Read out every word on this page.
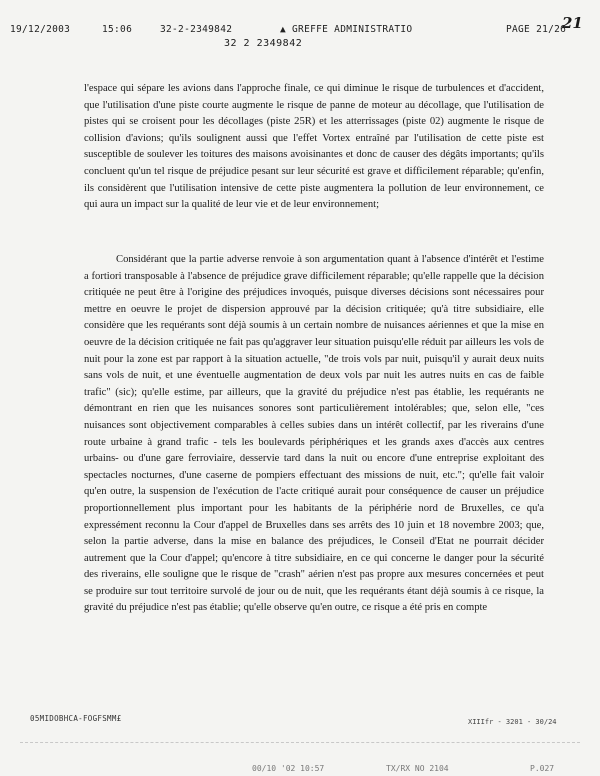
19/12/2003	15:06	32-2-2349842	▲ GREFFE ADMINISTRATIO	PAGE 21/26
21
32 2 2349842

l'espace qui sépare les avions dans l'approche finale, ce qui diminue le risque de turbulences et d'accident, que l'utilisation d'une piste courte augmente le risque de panne de moteur au décollage, que l'utilisation de pistes qui se croisent pour les décollages (piste 25R) et les atterrissages (piste 02) augmente le risque de collision d'avions; qu'ils soulignent aussi que l'effet Vortex entraîné par l'utilisation de cette piste est susceptible de soulever les toitures des maisons avoisinantes et donc de causer des dégâts importants; qu'ils concluent qu'un tel risque de préjudice pesant sur leur sécurité est grave et difficilement réparable; qu'enfin, ils considèrent que l'utilisation intensive de cette piste augmentera la pollution de leur environnement, ce qui aura un impact sur la qualité de leur vie et de leur environnement;

Considérant que la partie adverse renvoie à son argumentation quant à l'absence d'intérêt et l'estime a fortiori transposable à l'absence de préjudice grave difficilement réparable; qu'elle rappelle que la décision critiquée ne peut être à l'origine des préjudices invoqués, puisque diverses décisions sont nécessaires pour mettre en oeuvre le projet de dispersion approuvé par la décision critiquée; qu'à titre subsidiaire, elle considère que les requérants sont déjà soumis à un certain nombre de nuisances aériennes et que la mise en oeuvre de la décision critiquée ne fait pas qu'aggraver leur situation puisqu'elle réduit par ailleurs les vols de nuit pour la zone est par rapport à la situation actuelle, "de trois vols par nuit, puisqu'il y aurait deux nuits sans vols de nuit, et une éventuelle augmentation de deux vols par nuit les autres nuits en cas de faible trafic" (sic); qu'elle estime, par ailleurs, que la gravité du préjudice n'est pas établie, les requérants ne démontrant en rien que les nuisances sonores sont particulièrement intolérables; que, selon elle, "ces nuisances sont objectivement comparables à celles subies dans un intérêt collectif, par les riverains d'une route urbaine à grand trafic - tels les boulevards périphériques et les grands axes d'accès aux centres urbains- ou d'une gare ferroviaire, desservie tard dans la nuit ou encore d'une entreprise exploitant des spectacles nocturnes, d'une caserne de pompiers effectuant des missions de nuit, etc."; qu'elle fait valoir qu'en outre, la suspension de l'exécution de l'acte critiqué aurait pour conséquence de causer un préjudice proportionnellement plus important pour les habitants de la périphérie nord de Bruxelles, ce qu'a expressément reconnu la Cour d'appel de Bruxelles dans ses arrêts des 10 juin et 18 novembre 2003; que, selon la partie adverse, dans la mise en balance des préjudices, le Conseil d'Etat ne pourrait décider autrement que la Cour d'appel; qu'encore à titre subsidiaire, en ce qui concerne le danger pour la sécurité des riverains, elle souligne que le risque de "crash" aérien n'est pas propre aux mesures concernées et peut se produire sur tout territoire survolé de jour ou de nuit, que les requérants étant déjà soumis à ce risque, la gravité du préjudice n'est pas établie; qu'elle observe qu'en outre, ce risque a été pris en compte

05MIDOBHCA-FOGFSMM£	XIIIfr - 3201 - 30/24
00/10 '02 10:57	TX/RX NO 2104	P.027
